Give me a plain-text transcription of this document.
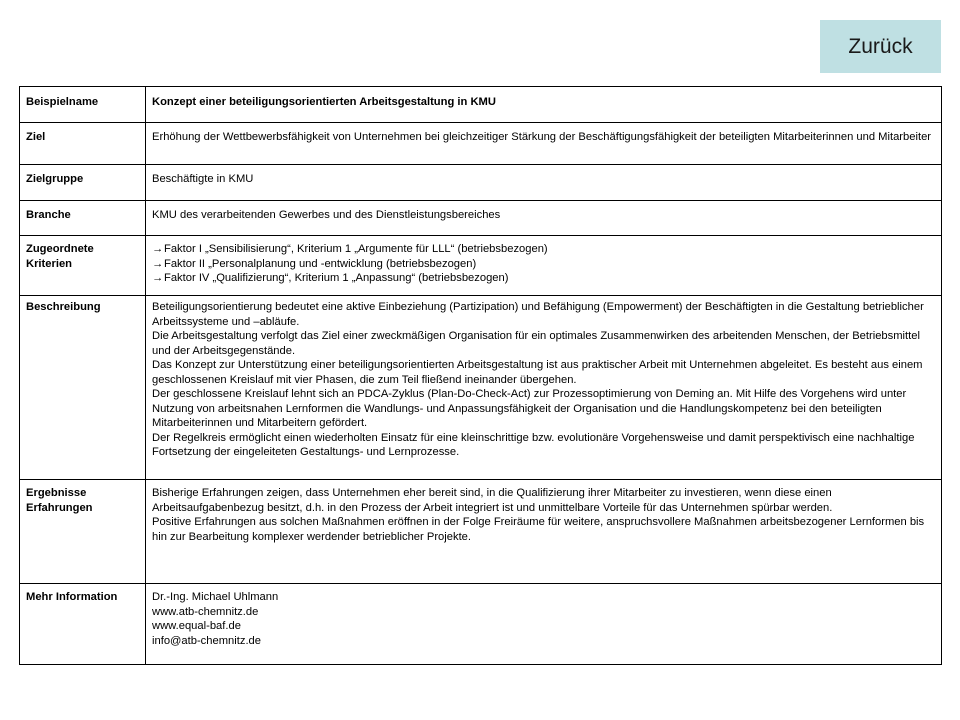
Zurück
Beispielname	Konzept einer beteiligungsorientierten Arbeitsgestaltung in KMU
Ziel	Erhöhung der Wettbewerbsfähigkeit von Unternehmen bei gleichzeitiger Stärkung der Beschäftigungsfähigkeit der beteiligten Mitarbeiterinnen und Mitarbeiter
Zielgruppe	Beschäftigte in KMU
Branche	KMU des verarbeitenden Gewerbes und des Dienstleistungsbereiches
Zugeordnete Kriterien	→Faktor I „Sensibilisierung“, Kriterium 1 „Argumente für LLL“ (betriebsbezogen)
→Faktor II „Personalplanung und -entwicklung (betriebsbezogen)
→Faktor IV „Qualifizierung“, Kriterium 1 „Anpassung“ (betriebsbezogen)

Beschreibung	Beteiligungsorientierung bedeutet eine aktive Einbeziehung (Partizipation) und Befähigung (Empowerment) der Beschäftigten in die Gestaltung betrieblicher Arbeitssysteme und –abläufe.
Die Arbeitsgestaltung verfolgt das Ziel einer zweckmäßigen Organisation für ein optimales Zusammenwirken des arbeitenden Menschen, der Betriebsmittel und der Arbeitsgegenstände.
Das Konzept zur Unterstützung einer beteiligungsorientierten Arbeitsgestaltung ist aus praktischer Arbeit mit Unternehmen abgeleitet. Es besteht aus einem geschlossenen Kreislauf mit vier Phasen, die zum Teil fließend ineinander übergehen.
Der geschlossene Kreislauf lehnt sich an PDCA-Zyklus (Plan-Do-Check-Act) zur Prozessoptimierung von Deming an. Mit Hilfe des Vorgehens wird unter Nutzung von arbeitsnahen Lernformen die Wandlungs- und Anpassungsfähigkeit der Organisation und die Handlungskompetenz bei den beteiligten Mitarbeiterinnen und Mitarbeitern gefördert.
Der Regelkreis ermöglicht einen wiederholten Einsatz für eine kleinschrittige bzw. evolutionäre Vorgehensweise und damit perspektivisch eine nachhaltige Fortsetzung der eingeleiteten Gestaltungs- und Lernprozesse.

Ergebnisse Erfahrungen	Bisherige Erfahrungen zeigen, dass Unternehmen eher bereit sind, in die Qualifizierung ihrer Mitarbeiter zu investieren, wenn diese einen Arbeitsaufgabenbezug besitzt, d.h. in den Prozess der Arbeit integriert ist und unmittelbare Vorteile für das Unternehmen spürbar werden.
Positive Erfahrungen aus solchen Maßnahmen eröffnen in der Folge Freiräume für weitere, anspruchsvollere Maßnahmen arbeitsbezogener Lernformen bis hin zur Bearbeitung komplexer werdender betrieblicher Projekte.

Mehr Information	Dr.-Ing. Michael Uhlmann
www.atb-chemnitz.de
www.equal-baf.de
info@atb-chemnitz.de
